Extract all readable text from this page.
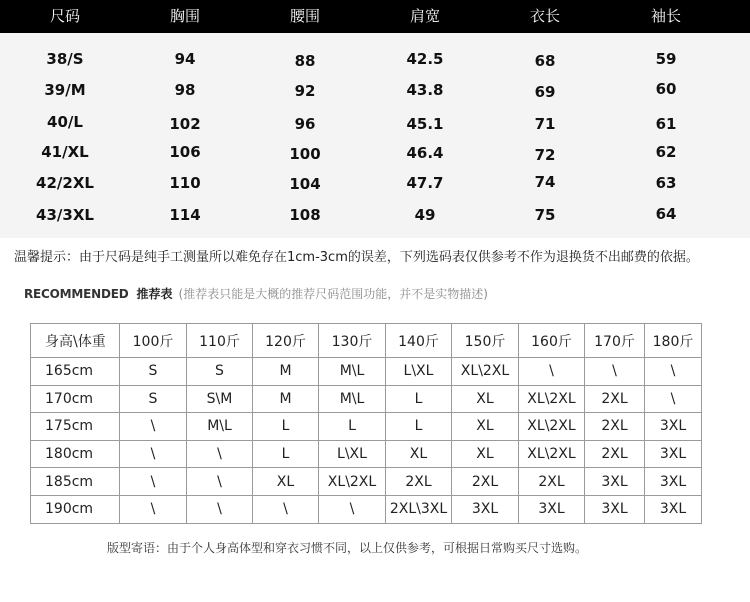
尺码	胸围	腰围	肩宽	衣长	袖长
38/S	94	88	42.5	68	59
39/M	98	92	43.8	69	60
40/L	102	96	45.1	71	61
41/XL	106	100	46.4	72	62
42/2XL	110	104	47.7	74	63
43/3XL	114	108	49	75	64
温馨提示：由于尺码是纯手工测量所以难免存在1cm-3cm的误差，下列选码表仅供参考不作为退换货不出邮费的依据。
RECOMMENDED 推荐表 (推荐表只能是大概的推荐尺码范围功能，并不是实物描述)
身高\体重	100斤	110斤	120斤	130斤	140斤	150斤	160斤	170斤	180斤
165cm	S	S	M	M\L	L\XL	XL\2XL	\	\	\
170cm	S	S\M	M	M\L	L	XL	XL\2XL	2XL	\
175cm	\	M\L	L	L	L	XL	XL\2XL	2XL	3XL
180cm	\	\	L	L\XL	XL	XL	XL\2XL	2XL	3XL
185cm	\	\	XL	XL\2XL	2XL	2XL	2XL	3XL	3XL
190cm	\	\	\	\	2XL\3XL	3XL	3XL	3XL	3XL
版型寄语：由于个人身高体型和穿衣习惯不同，以上仅供参考，可根据日常购买尺寸选购。
